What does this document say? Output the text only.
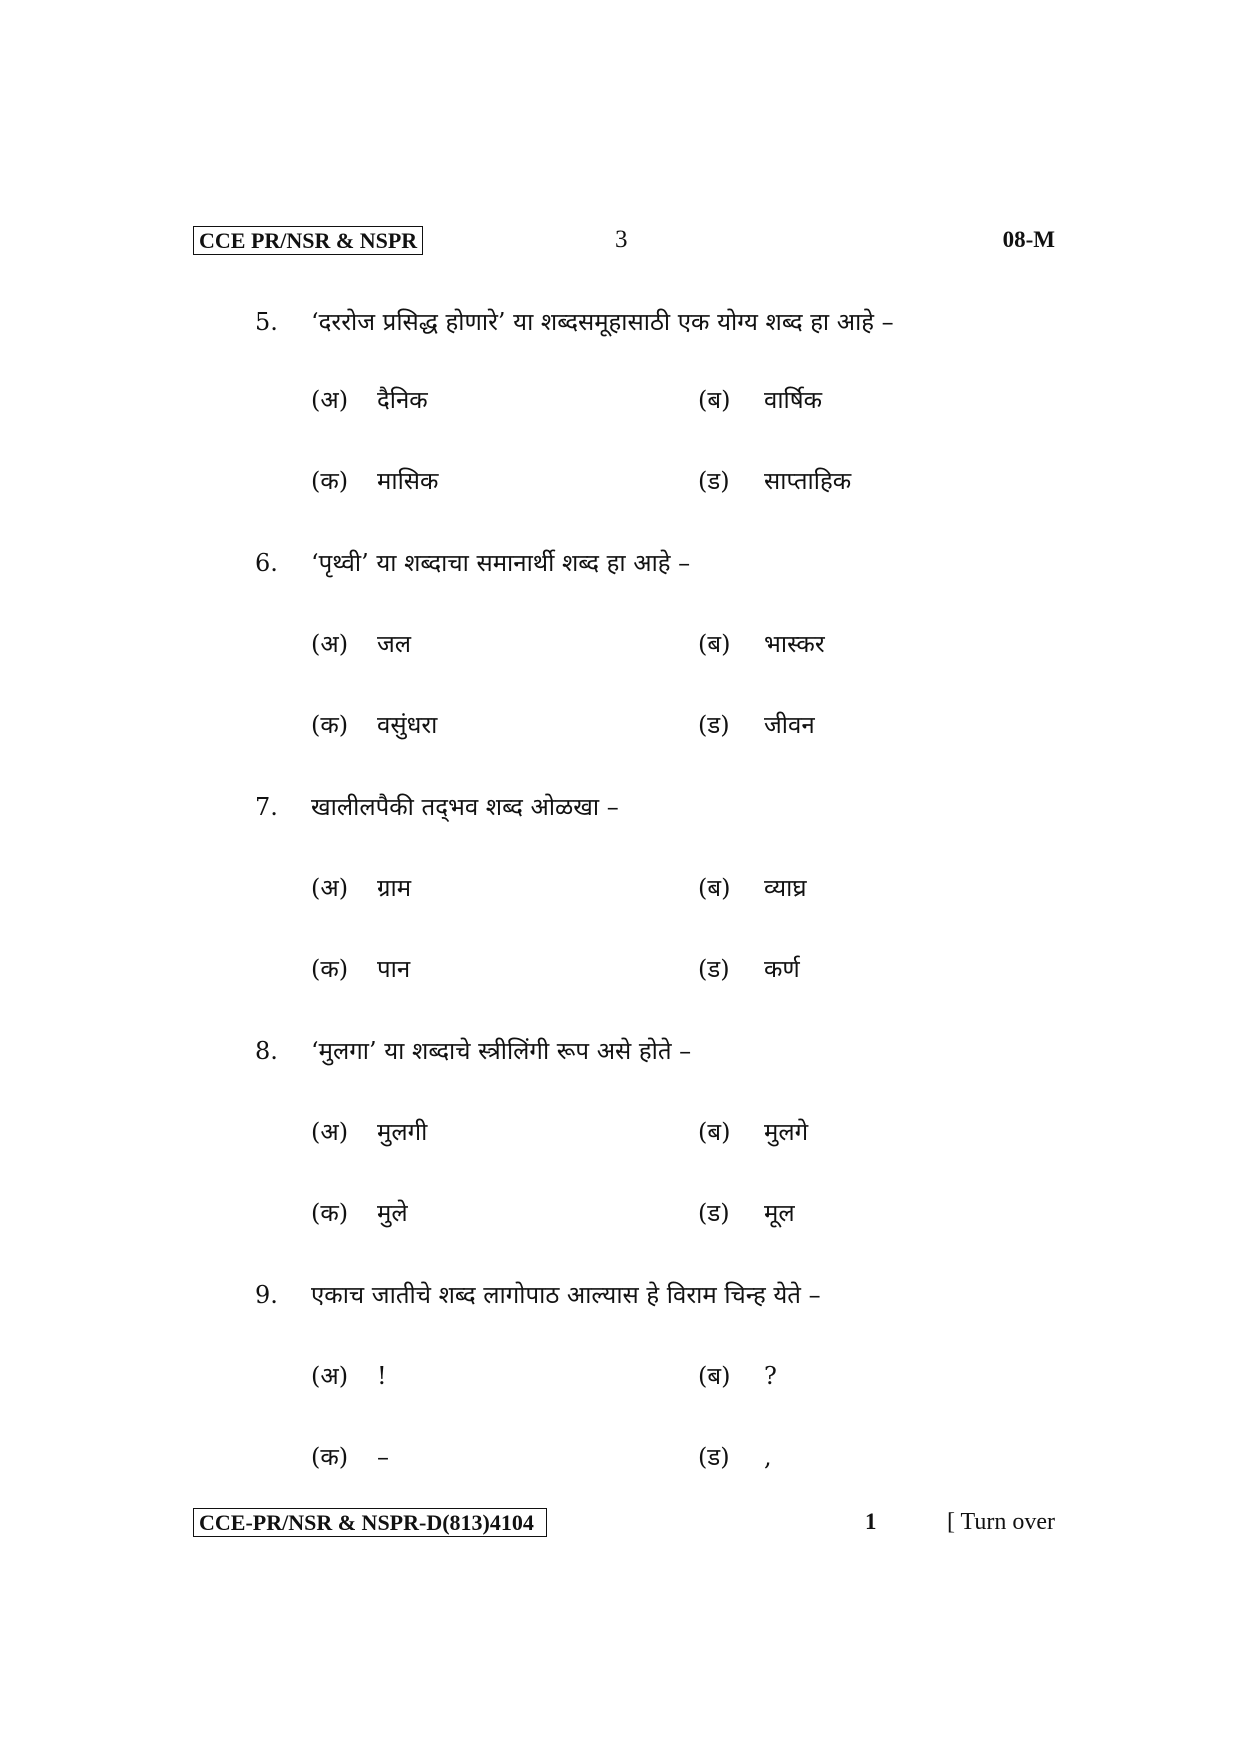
CCE PR/NSR & NSPR	3	08-M
5. ‘दररोज प्रसिद्ध होणारे’ या शब्दसमूहासाठी एक योग्य शब्द हा आहे –
(अ) दैनिक	(ब) वार्षिक
(क) मासिक	(ड) साप्ताहिक
6. ‘पृथ्वी’ या शब्दाचा समानार्थी शब्द हा आहे –
(अ) जल	(ब) भास्कर
(क) वसुंधरा	(ड) जीवन
7. खालीलपैकी तद्‌भव शब्द ओळखा –
(अ) ग्राम	(ब) व्याघ्र
(क) पान	(ड) कर्ण
8. ‘मुलगा’ या शब्दाचे स्त्रीलिंगी रूप असे होते –
(अ) मुलगी	(ब) मुलगे
(क) मुले	(ड) मूल
9. एकाच जातीचे शब्द लागोपाठ आल्यास हे विराम चिन्ह येते –
(अ) !	(ब) ?
(क) –	(ड) ,
CCE-PR/NSR & NSPR-D(813)4104	1	[ Turn over
